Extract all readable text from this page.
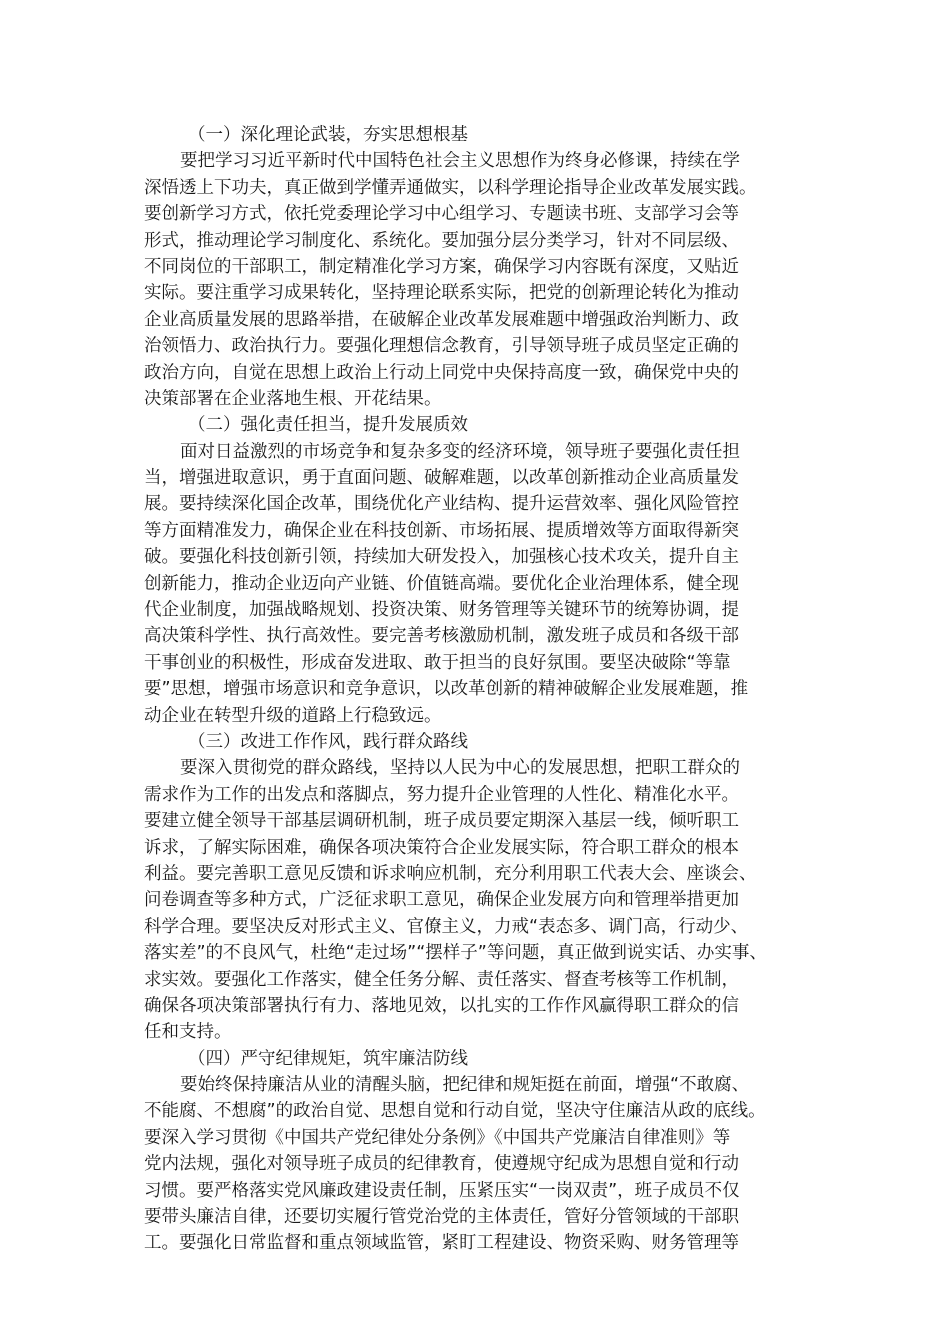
（一）深化理论武装，夯实思想根基
要把学习习近平新时代中国特色社会主义思想作为终身必修课，持续在学
深悟透上下功夫，真正做到学懂弄通做实，以科学理论指导企业改革发展实践。
要创新学习方式，依托党委理论学习中心组学习、专题读书班、支部学习会等
形式，推动理论学习制度化、系统化。要加强分层分类学习，针对不同层级、
不同岗位的干部职工，制定精准化学习方案，确保学习内容既有深度，又贴近
实际。要注重学习成果转化，坚持理论联系实际，把党的创新理论转化为推动
企业高质量发展的思路举措，在破解企业改革发展难题中增强政治判断力、政
治领悟力、政治执行力。要强化理想信念教育，引导领导班子成员坚定正确的
政治方向，自觉在思想上政治上行动上同党中央保持高度一致，确保党中央的
决策部署在企业落地生根、开花结果。
（二）强化责任担当，提升发展质效
面对日益激烈的市场竞争和复杂多变的经济环境，领导班子要强化责任担
当，增强进取意识，勇于直面问题、破解难题，以改革创新推动企业高质量发
展。要持续深化国企改革，围绕优化产业结构、提升运营效率、强化风险管控
等方面精准发力，确保企业在科技创新、市场拓展、提质增效等方面取得新突
破。要强化科技创新引领，持续加大研发投入，加强核心技术攻关，提升自主
创新能力，推动企业迈向产业链、价值链高端。要优化企业治理体系，健全现
代企业制度，加强战略规划、投资决策、财务管理等关键环节的统筹协调，提
高决策科学性、执行高效性。要完善考核激励机制，激发班子成员和各级干部
干事创业的积极性，形成奋发进取、敢于担当的良好氛围。要坚决破除“等靠
要”思想，增强市场意识和竞争意识，以改革创新的精神破解企业发展难题，推
动企业在转型升级的道路上行稳致远。
（三）改进工作作风，践行群众路线
要深入贯彻党的群众路线，坚持以人民为中心的发展思想，把职工群众的
需求作为工作的出发点和落脚点，努力提升企业管理的人性化、精准化水平。
要建立健全领导干部基层调研机制，班子成员要定期深入基层一线，倾听职工
诉求，了解实际困难，确保各项决策符合企业发展实际，符合职工群众的根本
利益。要完善职工意见反馈和诉求响应机制，充分利用职工代表大会、座谈会、
问卷调查等多种方式，广泛征求职工意见，确保企业发展方向和管理举措更加
科学合理。要坚决反对形式主义、官僚主义，力戒“表态多、调门高，行动少、
落实差”的不良风气，杜绝“走过场”“摆样子”等问题，真正做到说实话、办实事、
求实效。要强化工作落实，健全任务分解、责任落实、督查考核等工作机制，
确保各项决策部署执行有力、落地见效，以扎实的工作作风赢得职工群众的信
任和支持。
（四）严守纪律规矩，筑牢廉洁防线
要始终保持廉洁从业的清醒头脑，把纪律和规矩挺在前面，增强“不敢腐、
不能腐、不想腐”的政治自觉、思想自觉和行动自觉，坚决守住廉洁从政的底线。
要深入学习贯彻《中国共产党纪律处分条例》《中国共产党廉洁自律准则》等
党内法规，强化对领导班子成员的纪律教育，使遵规守纪成为思想自觉和行动
习惯。要严格落实党风廉政建设责任制，压紧压实“一岗双责”，班子成员不仅
要带头廉洁自律，还要切实履行管党治党的主体责任，管好分管领域的干部职
工。要强化日常监督和重点领域监管，紧盯工程建设、物资采购、财务管理等
